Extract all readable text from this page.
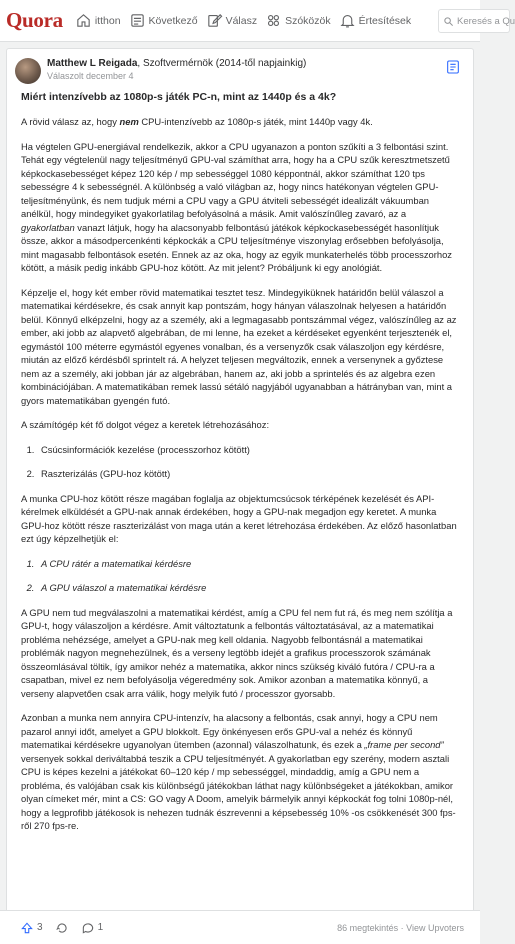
Quora	itthon	Következő	Válasz	Szóközök	Értesítések	Keresés a Qu
Matthew L Reigada, Szoftvermérnök (2014-től napjainkig)
Válaszolt december 4
Miért intenzívebb az 1080p-s játék PC-n, mint az 1440p és a 4k?

A rövid válasz az, hogy nem CPU-intenzívebb az 1080p-s játék, mint 1440p vagy 4k.

Ha végtelen GPU-energiával rendelkezik, akkor a CPU ugyanazon a ponton szűkíti a 3 felbontási szint. Tehát egy végtelenül nagy teljesítményű GPU-val számíthat arra, hogy ha a CPU szűk keresztmetszetű képkockasebességet képez 120 kép / mp sebességgel 1080 képpontnál, akkor számíthat 120 tps sebességre 4 k sebességnél. A különbség a való világban az, hogy nincs hatékonyan végtelen GPU-teljesítményünk, és nem tudjuk mérni a CPU vagy a GPU átviteli sebességét idealizált vákuumban anélkül, hogy mindegyiket gyakorlatilag befolyásolná a másik. Amit valószínűleg zavaró, az a gyakorlatban vanazt látjuk, hogy ha alacsonyabb felbontású játékok képkockasebességét hasonlítjuk össze, akkor a másodpercenkénti képkockák a CPU teljesítménye viszonylag erősebben befolyásolja, mint magasabb felbontások esetén. Ennek az az oka, hogy az egyik munkaterhelés több processzorhoz kötött, a másik pedig inkább GPU-hoz kötött. Az mit jelent? Próbáljunk ki egy anológiát.

Képzelje el, hogy két ember rövid matematikai tesztet tesz. Mindegyiküknek határidőn belül válaszol a matematikai kérdésekre, és csak annyit kap pontszám, hogy hányan válaszolnak helyesen a határidőn belül. Könnyű elképzelni, hogy az a személy, aki a legmagasabb pontszámmal végez, valószínűleg az az ember, aki jobb az alapvető algebrában, de mi lenne, ha ezeket a kérdéseket egyenként terjesztenék el, egymástól 100 méterre egymástól egyenes vonalban, és a versenyzők csak válaszoljon egy kérdésre, miután az előző kérdésből sprintelt rá. A helyzet teljesen megváltozik, ennek a versenynek a győztese nem az a személy, aki jobban jár az algebrában, hanem az, aki jobb a sprintelés és az algebra ezen kombinációjában. A matematikában remek lassú sétáló nagyjából ugyanabban a hátrányban van, mint a gyors matematikában gyengén futó.

A számítógép két fő dolgot végez a keretek létrehozásához:

1. Csúcsinformációk kezelése (processzorhoz kötött)
2. Raszterizálás (GPU-hoz kötött)

A munka CPU-hoz kötött része magában foglalja az objektumcsúcsok térképének kezelését és API-kérelmek elküldését a GPU-nak annak érdekében, hogy a GPU-nak megadjon egy keretet. A munka GPU-hoz kötött része raszterizálást von maga után a keret létrehozása érdekében. Az előző hasonlatban ezt úgy képzelhetjük el:

1. A CPU rátér a matematikai kérdésre
2. A GPU válaszol a matematikai kérdésre

A GPU nem tud megválaszolni a matematikai kérdést, amíg a CPU fel nem fut rá, és meg nem szólítja a GPU-t, hogy válaszoljon a kérdésre. Amit változtatunk a felbontás változtatásával, az a matematikai probléma nehézsége, amelyet a GPU-nak meg kell oldania. Nagyobb felbontásnál a matematikai problémák nagyon megnehezülnek, és a verseny legtöbb idejét a grafikus processzorok számának összeomlásával töltik, így amikor nehéz a matematika, akkor nincs szükség kiváló futóra / CPU-ra a csapatban, mivel ez nem befolyásolja végeredmény sok. Amikor azonban a matematika könnyű, a verseny alapvetően csak arra válik, hogy melyik futó / processzor gyorsabb.

Azonban a munka nem annyira CPU-intenzív, ha alacsony a felbontás, csak annyi, hogy a CPU nem pazarol annyi időt, amelyet a GPU blokkolt. Egy önkényesen erős GPU-val a nehéz és könnyű matematikai kérdésekre ugyanolyan ütemben (azonnal) válaszolhatunk, és ezek a „frame per second” versenyek sokkal deriváltabbá teszik a CPU teljesítményét. A gyakorlatban egy szerény, modern asztali CPU is képes kezelni a játékokat 60–120 kép / mp sebességgel, mindaddig, amíg a GPU nem a probléma, és valójában csak kis különbségű játékokban láthat nagy különbségeket a játékokban, amikor olyan címeket mér, mint a CS: GO vagy A Doom, amelyik bármelyik annyi képkockát fog tolni 1080p-nél, hogy a legprofibb játékosok is nehezen tudnák észrevenni a képsebesség 10% -os csökkenését 300 fps-ről 270 fps-re.

3	1	86 megtekintés · View Upvoters
